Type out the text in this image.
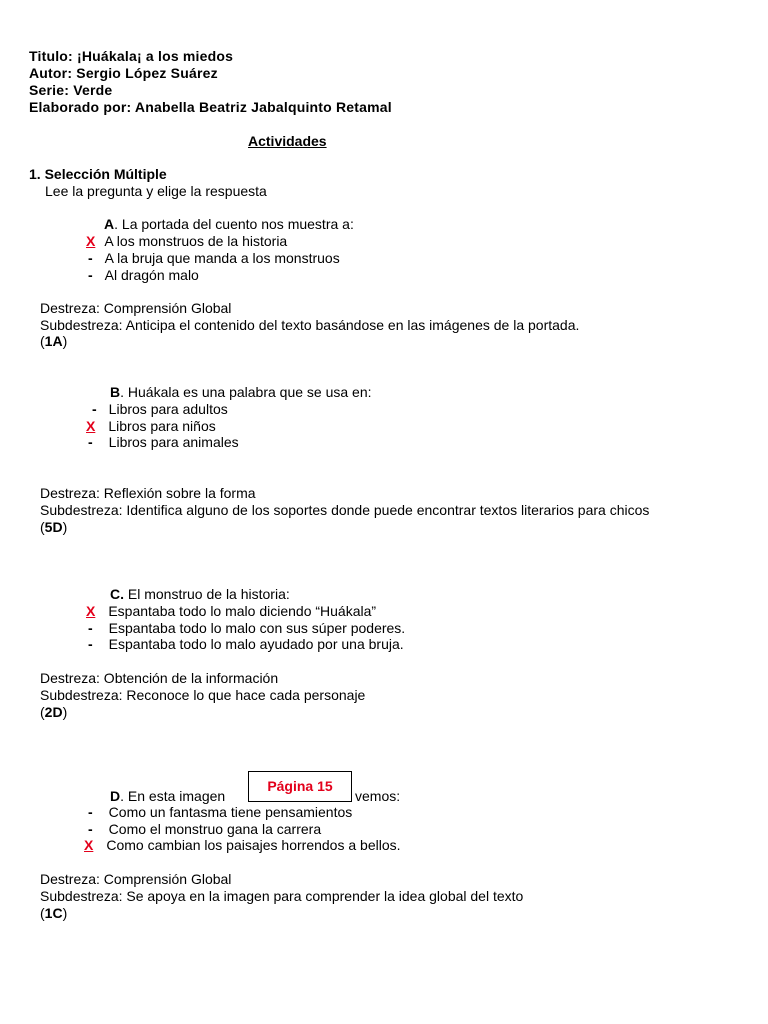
Titulo: ¡Huákala¡ a los miedos
Autor: Sergio López Suárez
Serie: Verde
Elaborado por: Anabella Beatriz Jabalquinto Retamal
Actividades
1. Selección Múltiple
Lee la pregunta y elige la respuesta
A. La portada del cuento nos muestra a:
X A los monstruos de la historia
- A la bruja que manda a los monstruos
- Al dragón malo
Destreza: Comprensión Global
Subdestreza: Anticipa el contenido del texto basándose en las imágenes de la portada.
(1A)
B. Huákala es una palabra que se usa en:
- Libros para adultos
X Libros para niños
- Libros para animales
Destreza: Reflexión sobre la forma
Subdestreza: Identifica alguno de los soportes donde puede encontrar textos literarios para chicos
(5D)
C. El monstruo de la historia:
X Espantaba todo lo malo diciendo “Huákala”
- Espantaba todo lo malo con sus súper poderes.
- Espantaba todo lo malo ayudado por una bruja.
Destreza: Obtención de la información
Subdestreza: Reconoce lo que hace cada personaje
(2D)
D. En esta imagen	vemos:
- Como un fantasma tiene pensamientos
- Como el monstruo gana la carrera
X Como cambian los paisajes horrendos a bellos.
Destreza: Comprensión Global
Subdestreza: Se apoya en la imagen para comprender la idea global del texto
(1C)
Página 15
